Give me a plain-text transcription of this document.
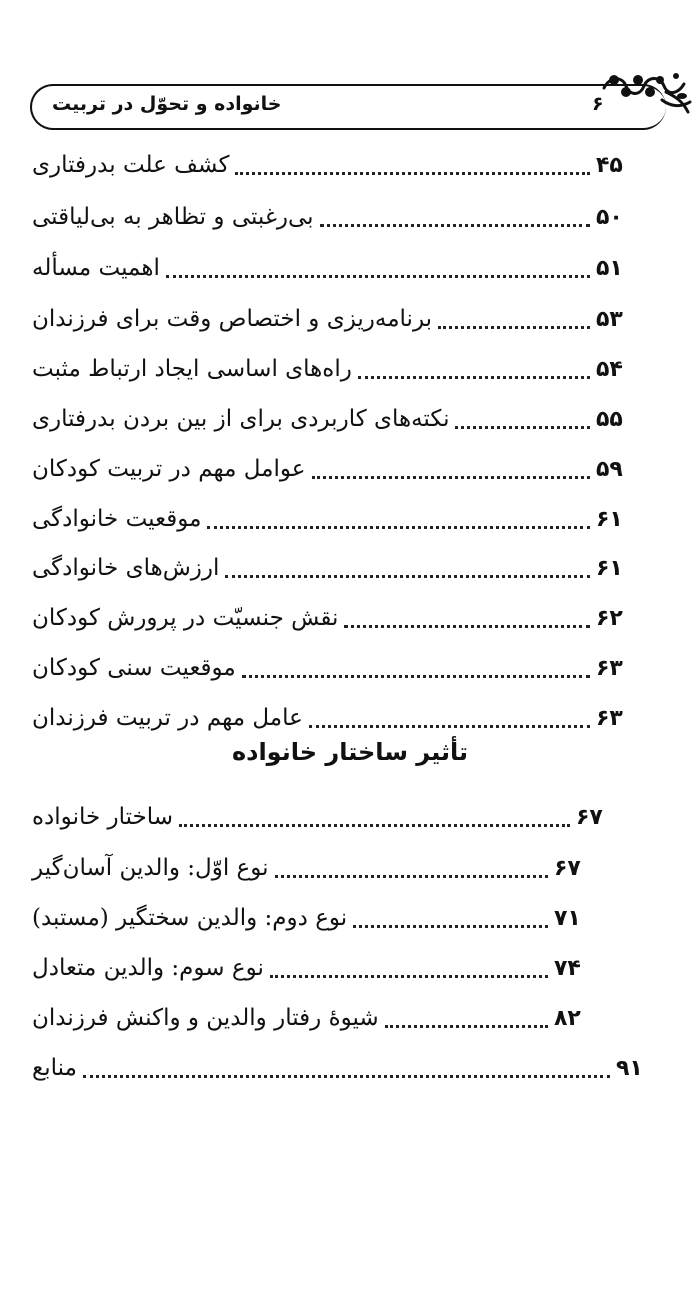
خانواده و تحوّل در تربیت	۶
کشف علت بدرفتاری	۴۵
بی‌رغبتی و تظاهر به بی‌لیاقتی	۵۰
اهمیت مسأله	۵۱
برنامه‌ریزی و اختصاص وقت برای فرزندان	۵۳
راه‌های اساسی ایجاد ارتباط مثبت	۵۴
نکته‌های کاربردی برای از بین بردن بدرفتاری	۵۵
عوامل مهم در تربیت کودکان	۵۹
موقعیت خانوادگی	۶۱
ارزش‌های خانوادگی	۶۱
نقش جنسیّت در پرورش کودکان	۶۲
موقعیت سنی کودکان	۶۳
عامل مهم در تربیت فرزندان	۶۳
تأثیر ساختار خانواده
ساختار خانواده	۶۷
نوع اوّل: والدین آسان‌گیر	۶۷
نوع دوم: والدین سختگیر (مستبد)	۷۱
نوع سوم: والدین متعادل	۷۴
شیوهٔ رفتار والدین و واکنش فرزندان	۸۲
منابع	۹۱
